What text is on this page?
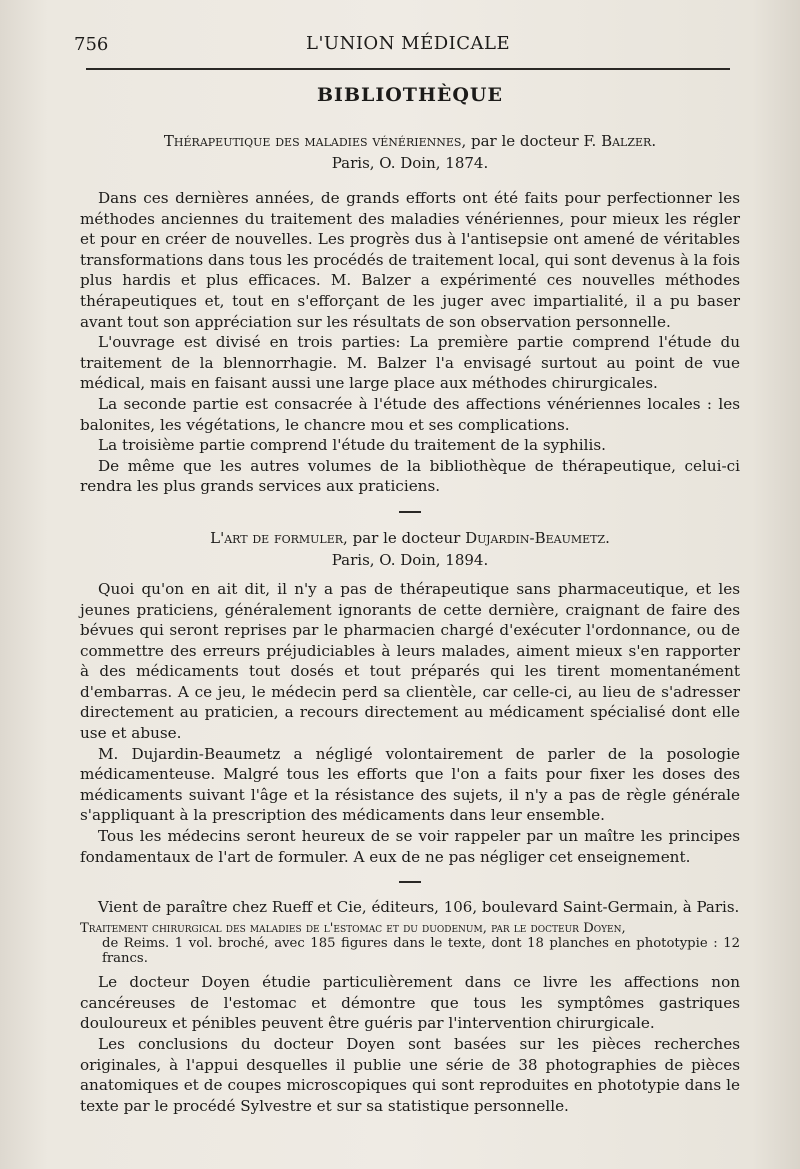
756	L'UNION MÉDICALE
BIBLIOTHÈQUE
Thérapeutique des maladies vénériennes, par le docteur F. Balzer.
Paris, O. Doin, 1874.

Dans ces dernières années, de grands efforts ont été faits pour perfectionner les méthodes anciennes du traitement des maladies vénériennes, pour mieux les régler et pour en créer de nouvelles. Les progrès dus à l'antisepsie ont amené de véritables transformations dans tous les procédés de traitement local, qui sont devenus à la fois plus hardis et plus efficaces. M. Balzer a expérimenté ces nouvelles méthodes thérapeutiques et, tout en s'efforçant de les juger avec impartialité, il a pu baser avant tout son appréciation sur les résultats de son observation personnelle.

L'ouvrage est divisé en trois parties: La première partie comprend l'étude du traitement de la blennorrhagie. M. Balzer l'a envisagé surtout au point de vue médical, mais en faisant aussi une large place aux méthodes chirurgicales.

La seconde partie est consacrée à l'étude des affections vénériennes locales : les balonites, les végétations, le chancre mou et ses complications.

La troisième partie comprend l'étude du traitement de la syphilis.

De même que les autres volumes de la bibliothèque de thérapeutique, celui-ci rendra les plus grands services aux praticiens.

L'art de formuler, par le docteur Dujardin-Beaumetz.
Paris, O. Doin, 1894.

Quoi qu'on en ait dit, il n'y a pas de thérapeutique sans pharmaceutique, et les jeunes praticiens, généralement ignorants de cette dernière, craignant de faire des bévues qui seront reprises par le pharmacien chargé d'exécuter l'ordonnance, ou de commettre des erreurs préjudiciables à leurs malades, aiment mieux s'en rapporter à des médicaments tout dosés et tout préparés qui les tirent momentanément d'embarras. A ce jeu, le médecin perd sa clientèle, car celle-ci, au lieu de s'adresser directement au praticien, a recours directement au médicament spécialisé dont elle use et abuse.

M. Dujardin-Beaumetz a négligé volontairement de parler de la posologie médicamenteuse. Malgré tous les efforts que l'on a faits pour fixer les doses des médicaments suivant l'âge et la résistance des sujets, il n'y a pas de règle générale s'appliquant à la prescription des médicaments dans leur ensemble.

Tous les médecins seront heureux de se voir rappeler par un maître les principes fondamentaux de l'art de formuler. A eux de ne pas négliger cet enseignement.

Vient de paraître chez Rueff et Cie, éditeurs, 106, boulevard Saint-Germain, à Paris.

Traitement chirurgical des maladies de l'estomac et du duodenum, par le docteur Doyen,
de Reims. 1 vol. broché, avec 185 figures dans le texte, dont 18 planches en phototypie : 12 francs.

Le docteur Doyen étudie particulièrement dans ce livre les affections non cancéreuses de l'estomac et démontre que tous les symptômes gastriques douloureux et pénibles peuvent être guéris par l'intervention chirurgicale.

Les conclusions du docteur Doyen sont basées sur les pièces recherches originales, à l'appui desquelles il publie une série de 38 photographies de pièces anatomiques et de coupes microscopiques qui sont reproduites en phototypie dans le texte par le procédé Sylvestre et sur sa statistique personnelle.
